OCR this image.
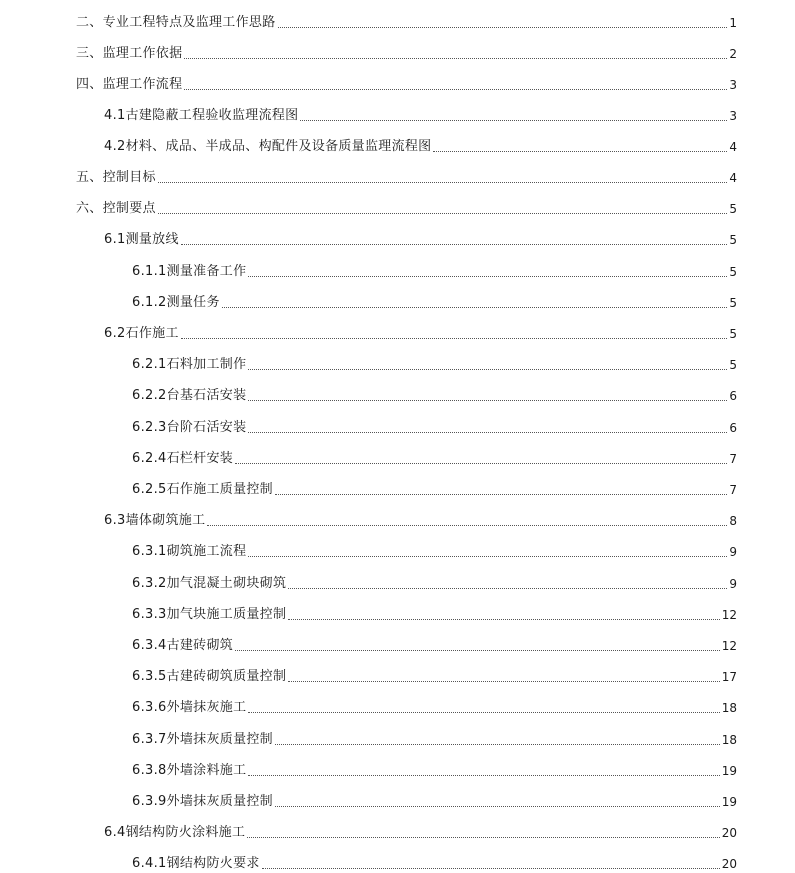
二、专业工程特点及监理工作思路	1
三、监理工作依据	2
四、监理工作流程	3
4.1古建隐蔽工程验收监理流程图	3
4.2材料、成品、半成品、构配件及设备质量监理流程图	4
五、控制目标	4
六、控制要点	5
6.1测量放线	5
6.1.1测量准备工作	5
6.1.2测量任务	5
6.2石作施工	5
6.2.1石料加工制作	5
6.2.2台基石活安装	6
6.2.3台阶石活安装	6
6.2.4石栏杆安装	7
6.2.5石作施工质量控制	7
6.3墙体砌筑施工	8
6.3.1砌筑施工流程	9
6.3.2加气混凝土砌块砌筑	9
6.3.3加气块施工质量控制	12
6.3.4古建砖砌筑	12
6.3.5古建砖砌筑质量控制	17
6.3.6外墙抹灰施工	18
6.3.7外墙抹灰质量控制	18
6.3.8外墙涂料施工	19
6.3.9外墙抹灰质量控制	19
6.4钢结构防火涂料施工	20
6.4.1钢结构防火要求	20
